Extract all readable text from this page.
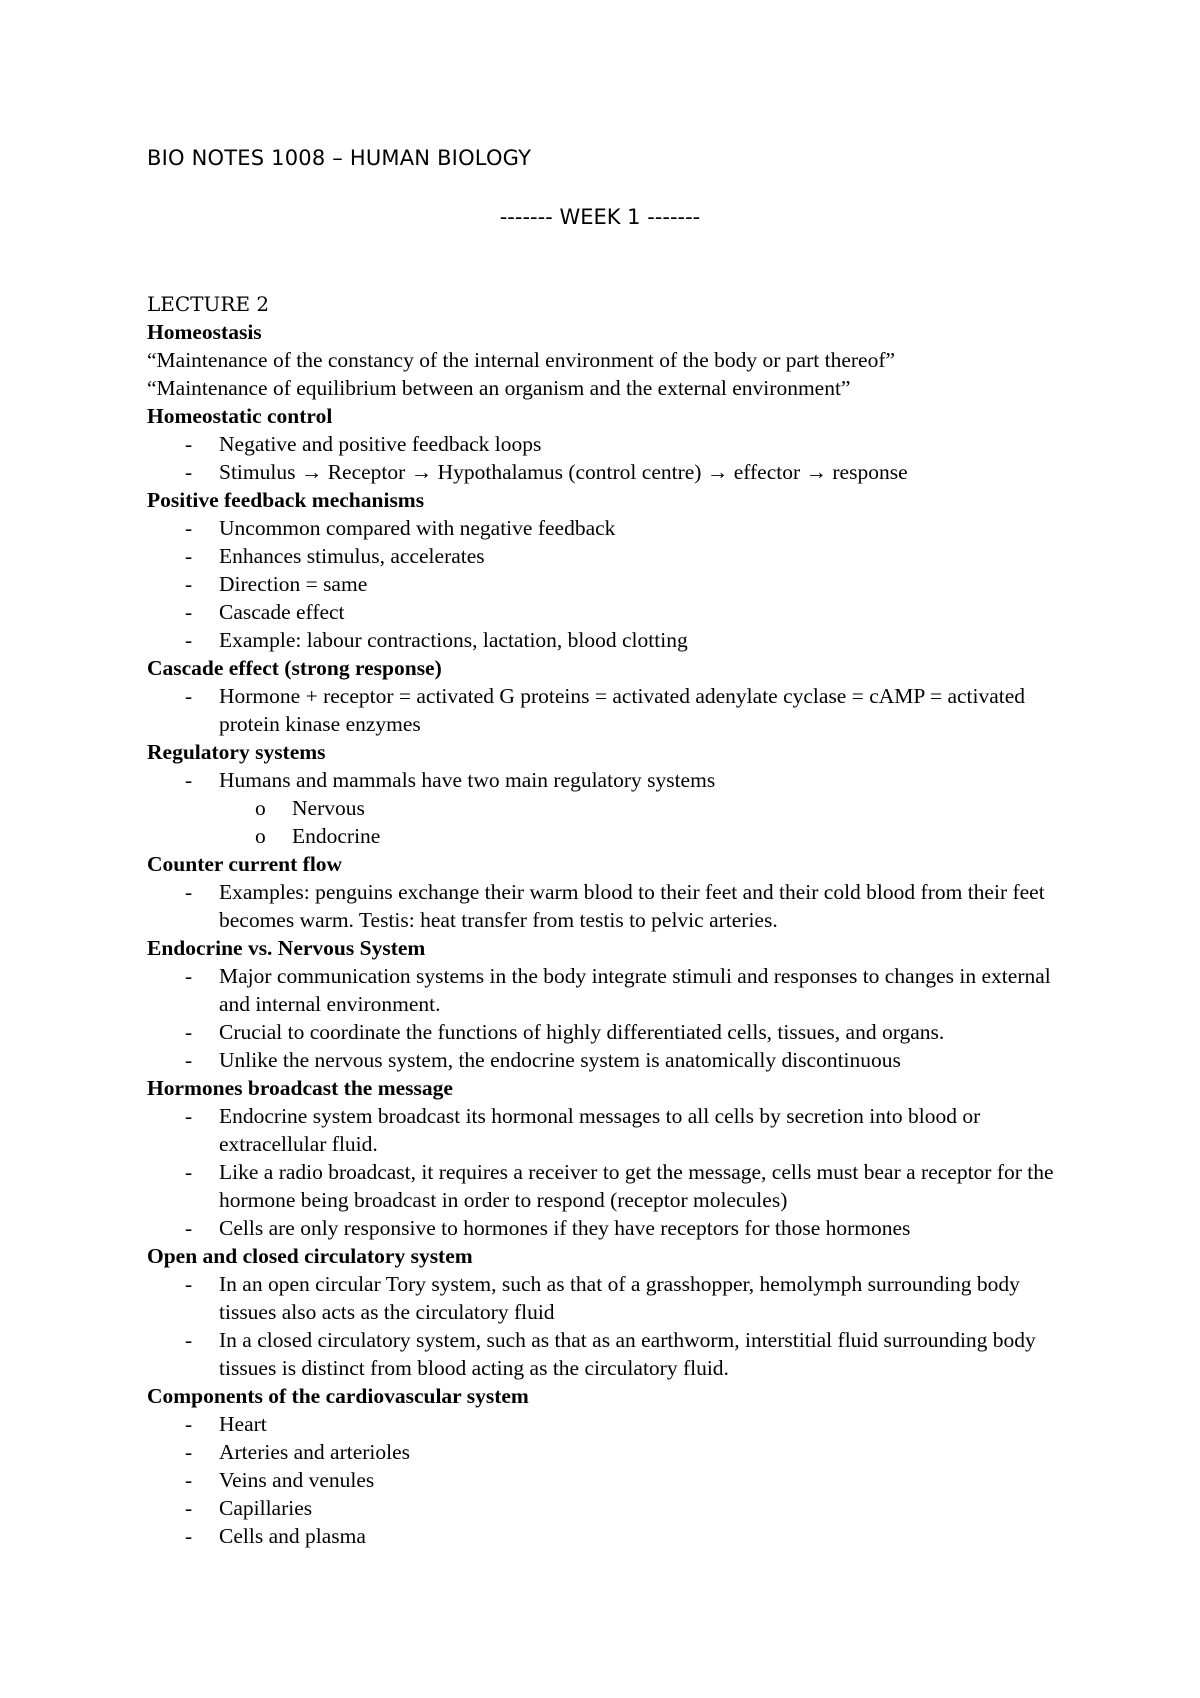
BIO NOTES 1008 – HUMAN BIOLOGY
------- WEEK 1 -------
LECTURE 2
Homeostasis
“Maintenance of the constancy of the internal environment of the body or part thereof”
“Maintenance of equilibrium between an organism and the external environment”
Homeostatic control
- Negative and positive feedback loops
- Stimulus → Receptor → Hypothalamus (control centre) → effector → response
Positive feedback mechanisms
- Uncommon compared with negative feedback
- Enhances stimulus, accelerates
- Direction = same
- Cascade effect
- Example: labour contractions, lactation, blood clotting
Cascade effect (strong response)
- Hormone + receptor = activated G proteins = activated adenylate cyclase = cAMP = activated protein kinase enzymes
Regulatory systems
- Humans and mammals have two main regulatory systems
o Nervous
o Endocrine
Counter current flow
- Examples: penguins exchange their warm blood to their feet and their cold blood from their feet becomes warm. Testis: heat transfer from testis to pelvic arteries.
Endocrine vs. Nervous System
- Major communication systems in the body integrate stimuli and responses to changes in external and internal environment.
- Crucial to coordinate the functions of highly differentiated cells, tissues, and organs.
- Unlike the nervous system, the endocrine system is anatomically discontinuous
Hormones broadcast the message
- Endocrine system broadcast its hormonal messages to all cells by secretion into blood or extracellular fluid.
- Like a radio broadcast, it requires a receiver to get the message, cells must bear a receptor for the hormone being broadcast in order to respond (receptor molecules)
- Cells are only responsive to hormones if they have receptors for those hormones
Open and closed circulatory system
- In an open circular Tory system, such as that of a grasshopper, hemolymph surrounding body tissues also acts as the circulatory fluid
- In a closed circulatory system, such as that as an earthworm, interstitial fluid surrounding body tissues is distinct from blood acting as the circulatory fluid.
Components of the cardiovascular system
- Heart
- Arteries and arterioles
- Veins and venules
- Capillaries
- Cells and plasma
